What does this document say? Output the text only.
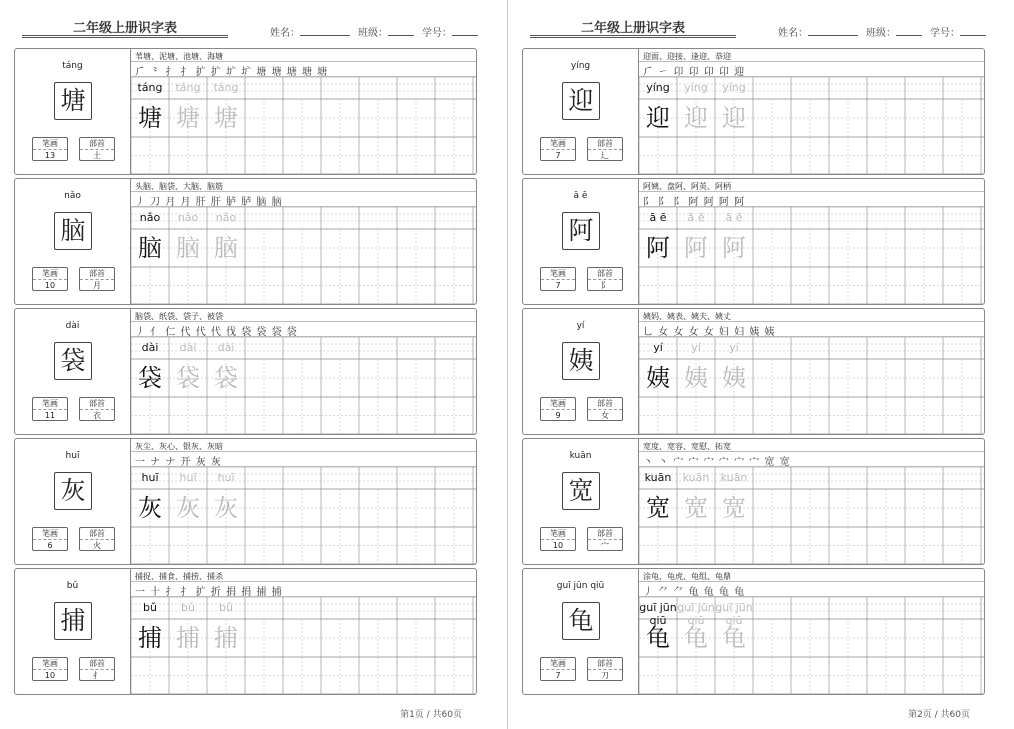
二年级上册识字表	姓名：	班级：	学号：
第1页 / 共60页
táng
塘
笔画
13
部首
土
苇塘、泥塘、池塘、海塘
⺁ ⺀ 扌 扌 扩 扩 圹 圹 塘 塘 塘 塘 塘
táng
塘
táng
塘
táng
塘
nǎo
脑
笔画
10
部首
月
头脑、脑袋、大脑、脑筋
丿 刀 月 月 肝 肝 胪 胪 脑 脑
nǎo
脑
nǎo
脑
nǎo
脑
dài
袋
笔画
11
部首
衣
脑袋、纸袋、袋子、被袋
丿 亻 仁 代 代 代 伐 袋 袋 袋 袋
dài
袋
dài
袋
dài
袋
huī
灰
笔画
6
部首
火
灰尘、灰心、银灰、灰暗
一 ナ ナ 开 灰 灰
huī
灰
huī
灰
huī
灰
bǔ
捕
笔画
10
部首
扌
捕捉、捕食、捕捞、捕杀
一 十 扌 扌 扩 折 捐 捐 捕 捕
bǔ
捕
bǔ
捕
bǔ
捕
二年级上册识字表	姓名：	班级：	学号：
第2页 / 共60页
yíng
迎
笔画
7
部首
辶
迎面、迎接、逢迎、恭迎
⺁ ㇀ 卬 卬 卬 卬 迎
yíng
迎
yíng
迎
yíng
迎
ā ē
阿
笔画
7
部首
阝
阿姨、盘阿、阿英、阿柄
阝 阝 阝 阿 阿 阿 阿
ā ē
阿
ā ē
阿
ā ē
阿
yí
姨
笔画
9
部首
女
姨妈、姨表、姨夫、姨丈
乚 女 女 女 女 妇 妇 姨 姨
yí
姨
yí
姨
yí
姨
kuān
宽
笔画
10
部首
宀
宽度、宽容、宽慰、拓宽
丶 丶 宀 宀 宀 宀 宀 宀 宽 宽
kuān
宽
kuān
宽
kuān
宽
guī jūn qiū
龟
笔画
7
部首
刀
涂龟、龟虎、龟组、龟鼎
丿 ⺈ ⺈ 龟 龟 龟 龟
guī jūn qiū
龟
guī jūn qiū
龟
guī jūn qiū
龟
